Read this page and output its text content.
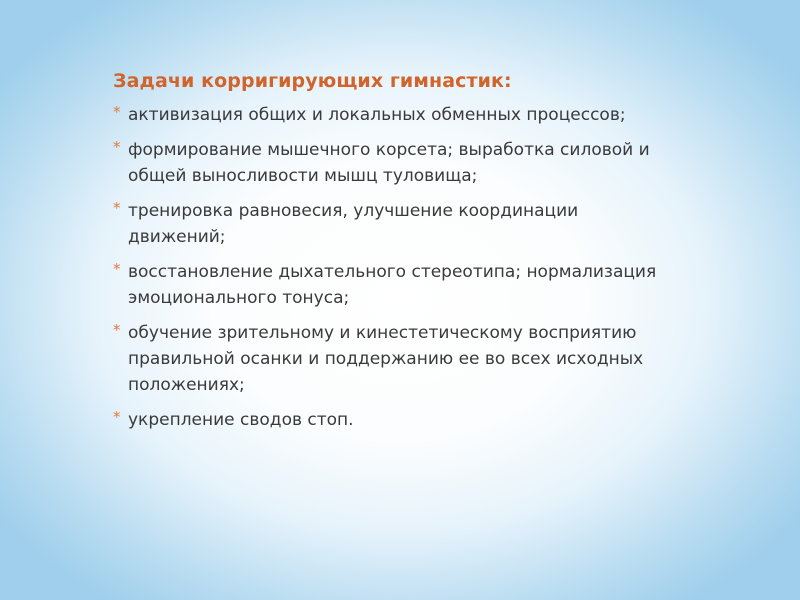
Задачи корригирующих гимнастик:
* активизация общих и локальных обменных процессов;
* формирование мышечного корсета; выработка силовой и общей выносливости мышц туловища;
* тренировка равновесия, улучшение координации движений;
* восстановление дыхательного стереотипа; нормализация эмоционального тонуса;
* обучение зрительному и кинестетическому восприятию правильной осанки и поддержанию ее во всех исходных положениях;
* укрепление сводов стоп.
